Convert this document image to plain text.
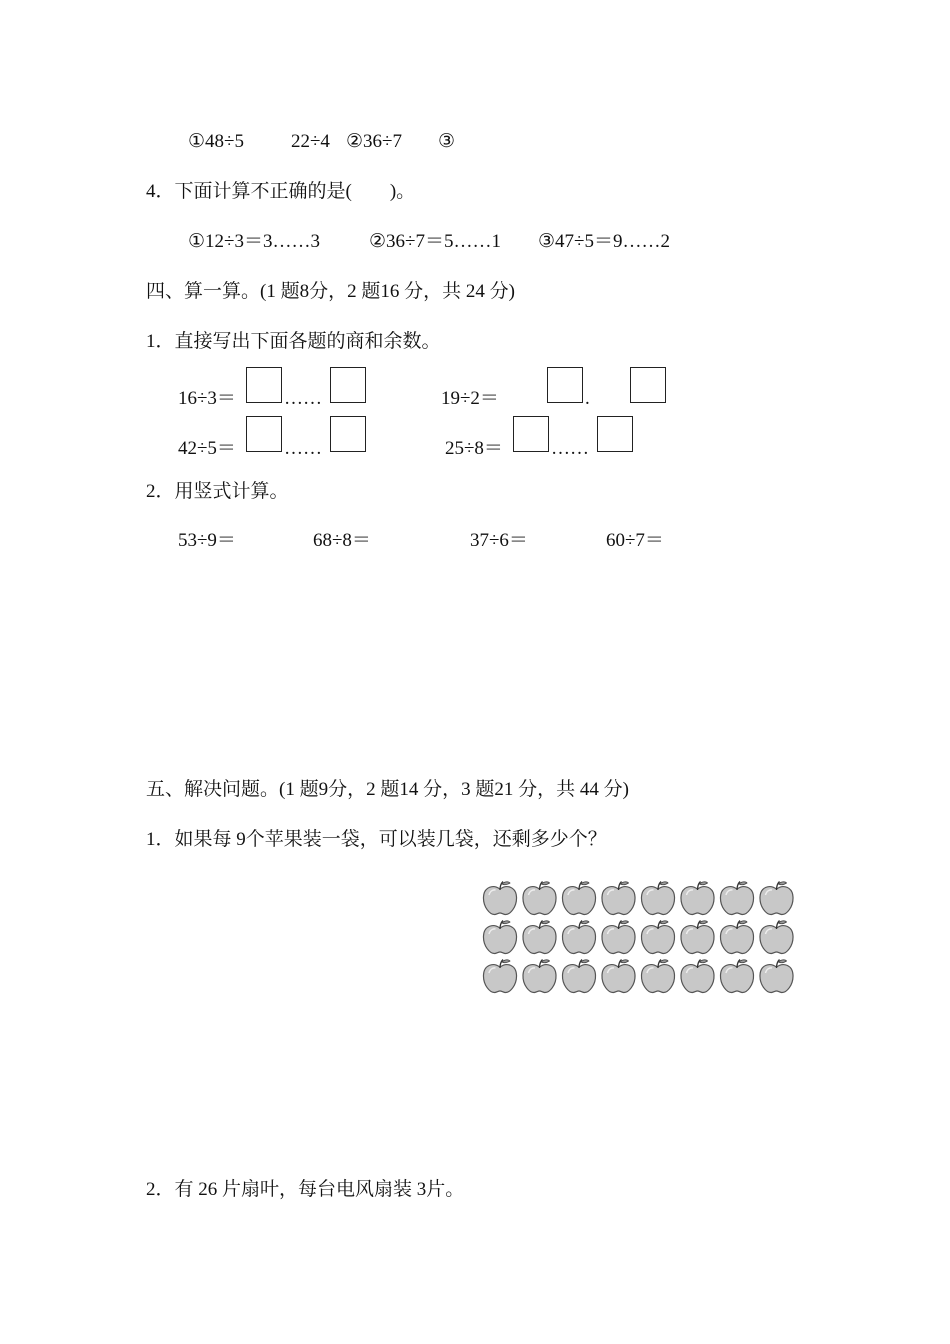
①48÷5 22÷4 ②36÷7 ③
4．下面计算不正确的是(　　)。
①12÷3＝3……3	②36÷7＝5……1 ③47÷5＝9……2
四、算一算。(1 题8分，2 题16 分，共 24 分)
1．直接写出下面各题的商和余数。
16÷3＝	……	19÷2＝	.
42÷5＝	……	25÷8＝	……
2．用竖式计算。
53÷9＝	68÷8＝	37÷6＝	60÷7＝
五、解决问题。(1 题9分，2 题14 分，3 题21 分，共 44 分)
1．如果每 9个苹果装一袋，可以装几袋，还剩多少个？
2．有 26 片扇叶，每台电风扇装 3片。
